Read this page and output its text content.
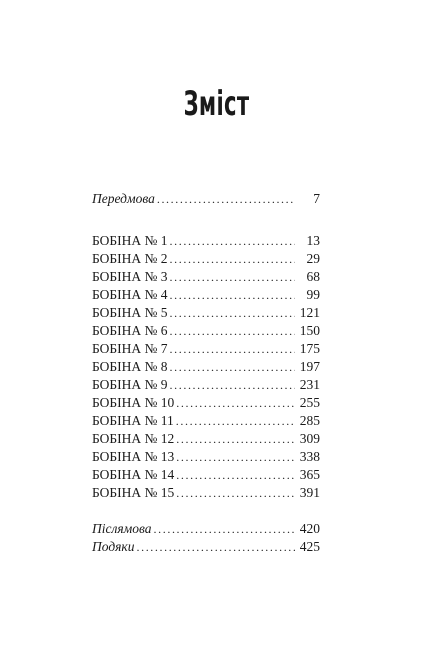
Зміст
Передмова .....	7
БОБІНА № 1 .....	13
БОБІНА № 2 .....	29
БОБІНА № 3 .....	68
БОБІНА № 4 .....	99
БОБІНА № 5 .....	121
БОБІНА № 6 .....	150
БОБІНА № 7 .....	175
БОБІНА № 8 .....	197
БОБІНА № 9 .....	231
БОБІНА № 10 .....	255
БОБІНА № 11 .....	285
БОБІНА № 12 .....	309
БОБІНА № 13 .....	338
БОБІНА № 14 .....	365
БОБІНА № 15 .....	391
Післямова .....	420
Подяки .....	425
